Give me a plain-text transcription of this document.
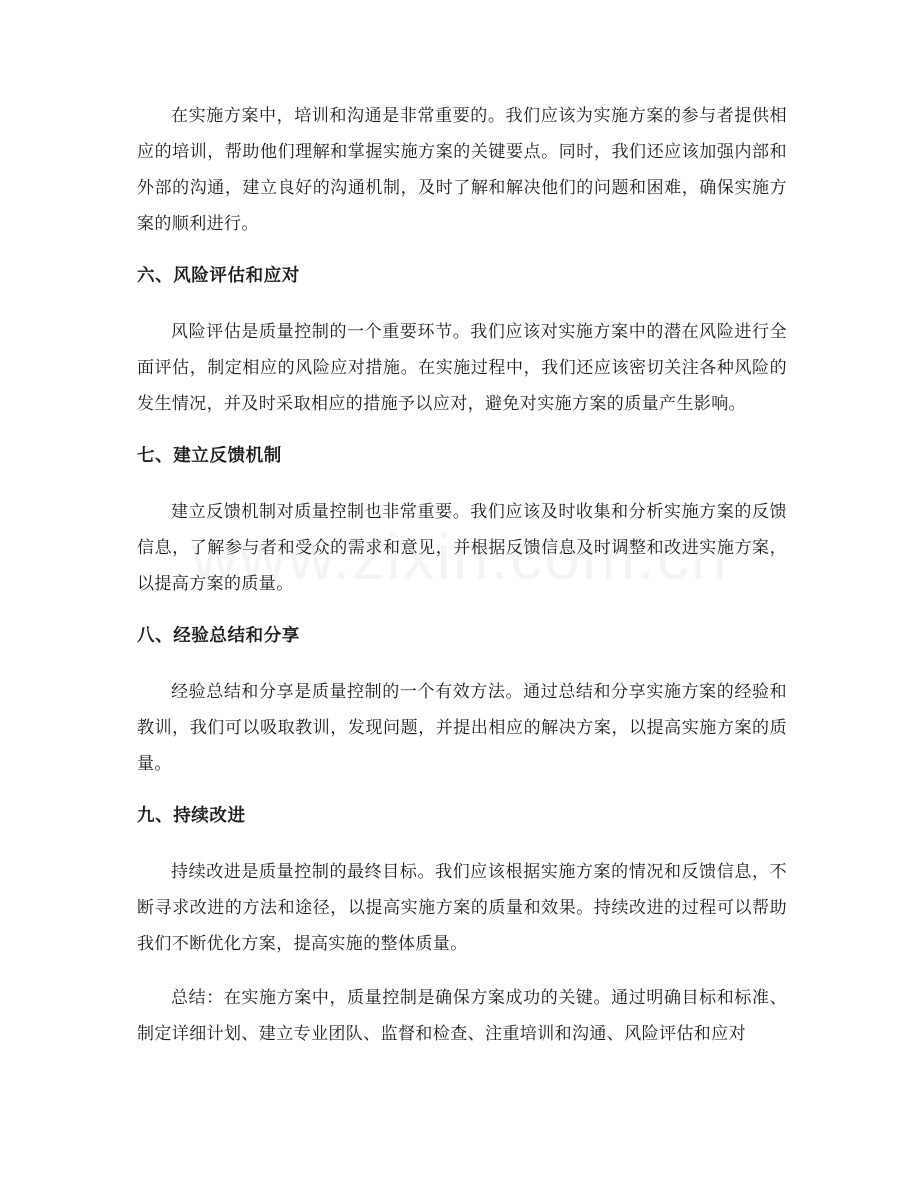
在实施方案中，培训和沟通是非常重要的。我们应该为实施方案的参与者提供相应的培训，帮助他们理解和掌握实施方案的关键要点。同时，我们还应该加强内部和外部的沟通，建立良好的沟通机制，及时了解和解决他们的问题和困难，确保实施方案的顺利进行。

六、风险评估和应对

风险评估是质量控制的一个重要环节。我们应该对实施方案中的潜在风险进行全面评估，制定相应的风险应对措施。在实施过程中，我们还应该密切关注各种风险的发生情况，并及时采取相应的措施予以应对，避免对实施方案的质量产生影响。

七、建立反馈机制

建立反馈机制对质量控制也非常重要。我们应该及时收集和分析实施方案的反馈信息，了解参与者和受众的需求和意见，并根据反馈信息及时调整和改进实施方案，以提高方案的质量。

八、经验总结和分享

经验总结和分享是质量控制的一个有效方法。通过总结和分享实施方案的经验和教训，我们可以吸取教训，发现问题，并提出相应的解决方案，以提高实施方案的质量。

九、持续改进

持续改进是质量控制的最终目标。我们应该根据实施方案的情况和反馈信息，不断寻求改进的方法和途径，以提高实施方案的质量和效果。持续改进的过程可以帮助我们不断优化方案，提高实施的整体质量。

总结：在实施方案中，质量控制是确保方案成功的关键。通过明确目标和标准、制定详细计划、建立专业团队、监督和检查、注重培训和沟通、风险评估和应对
